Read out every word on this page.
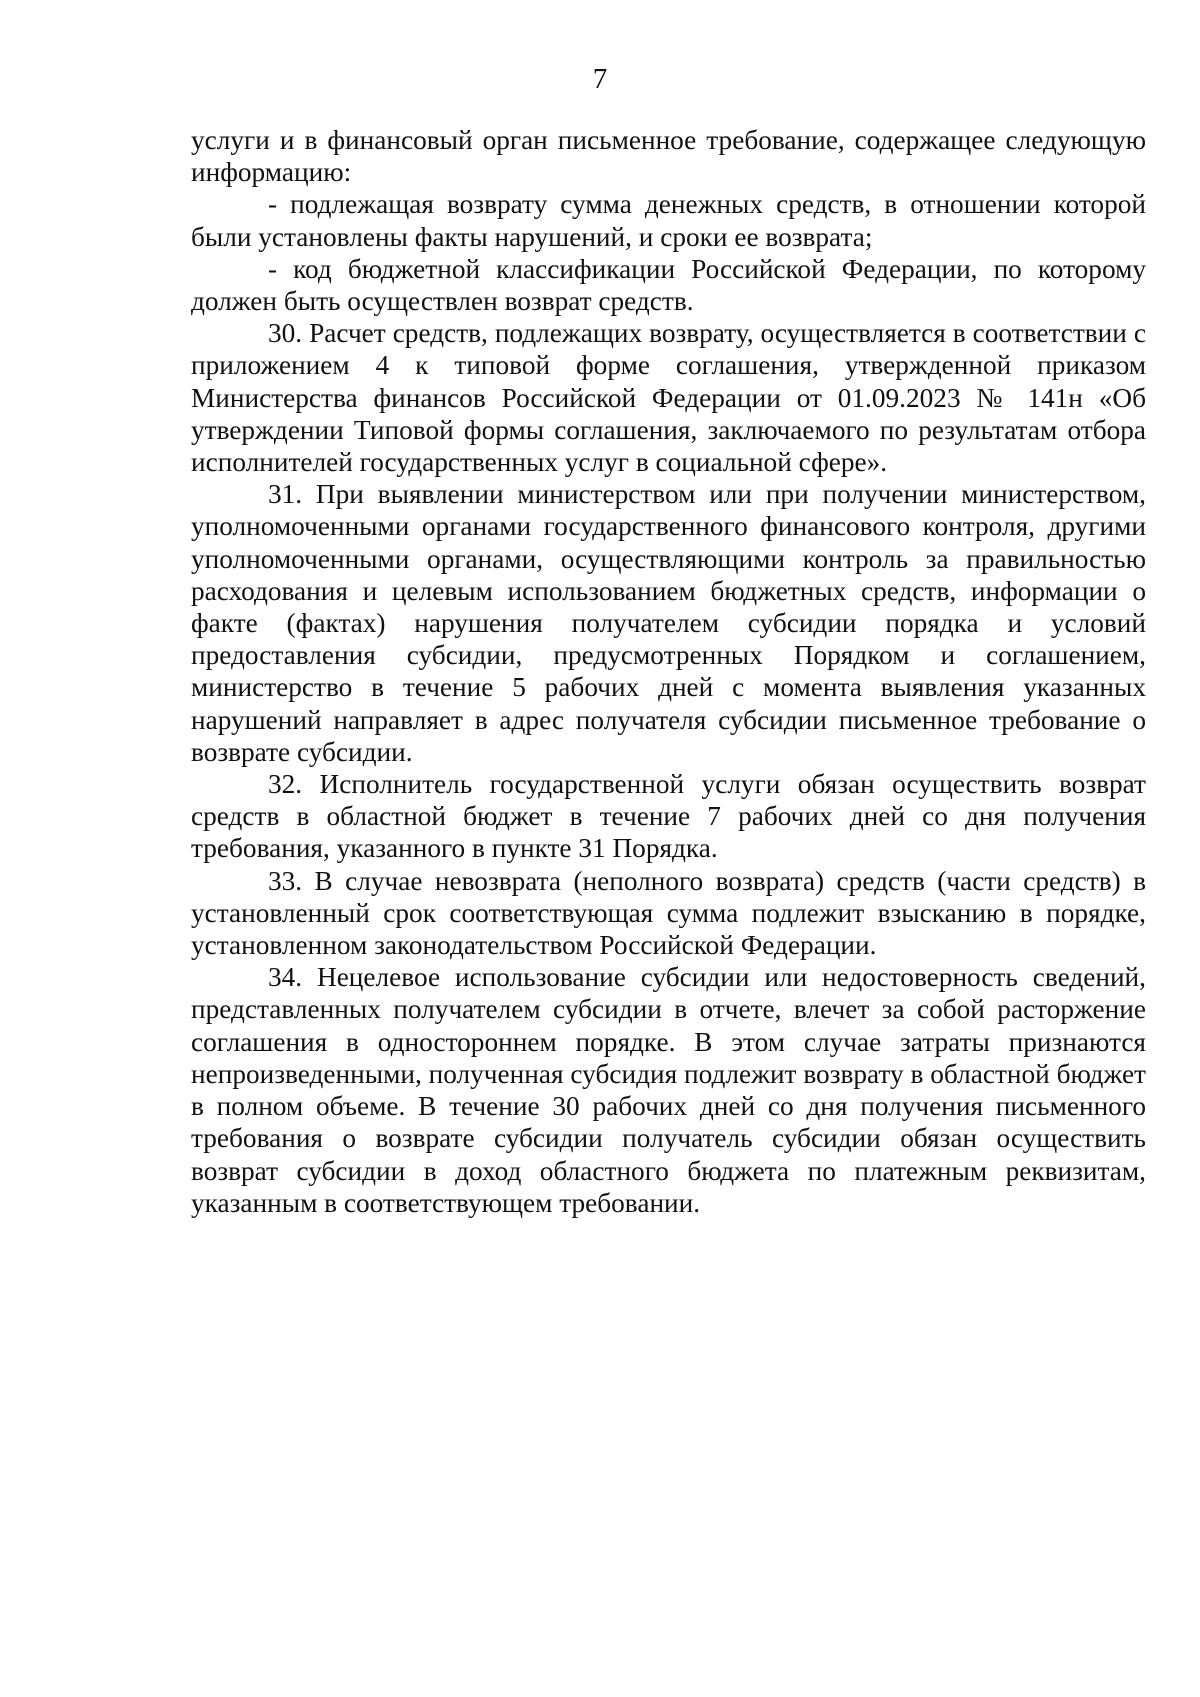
7

услуги и в финансовый орган письменное требование, содержащее следующую информацию:

- подлежащая возврату сумма денежных средств, в отношении которой были установлены факты нарушений, и сроки ее возврата;

- код бюджетной классификации Российской Федерации, по которому должен быть осуществлен возврат средств.

30. Расчет средств, подлежащих возврату, осуществляется в соответствии с приложением 4 к типовой форме соглашения, утвержденной приказом Министерства финансов Российской Федерации от 01.09.2023 № 141н «Об утверждении Типовой формы соглашения, заключаемого по результатам отбора исполнителей государственных услуг в социальной сфере».

31. При выявлении министерством или при получении министерством, уполномоченными органами государственного финансового контроля, другими уполномоченными органами, осуществляющими контроль за правильностью расходования и целевым использованием бюджетных средств, информации о факте (фактах) нарушения получателем субсидии порядка и условий предоставления субсидии, предусмотренных Порядком и соглашением, министерство в течение 5 рабочих дней с момента выявления указанных нарушений направляет в адрес получателя субсидии письменное требование о возврате субсидии.

32. Исполнитель государственной услуги обязан осуществить возврат средств в областной бюджет в течение 7 рабочих дней со дня получения требования, указанного в пункте 31 Порядка.

33. В случае невозврата (неполного возврата) средств (части средств) в установленный срок соответствующая сумма подлежит взысканию в порядке, установленном законодательством Российской Федерации.

34. Нецелевое использование субсидии или недостоверность сведений, представленных получателем субсидии в отчете, влечет за собой расторжение соглашения в одностороннем порядке. В этом случае затраты признаются непроизведенными, полученная субсидия подлежит возврату в областной бюджет в полном объеме. В течение 30 рабочих дней со дня получения письменного требования о возврате субсидии получатель субсидии обязан осуществить возврат субсидии в доход областного бюджета по платежным реквизитам, указанным в соответствующем требовании.
